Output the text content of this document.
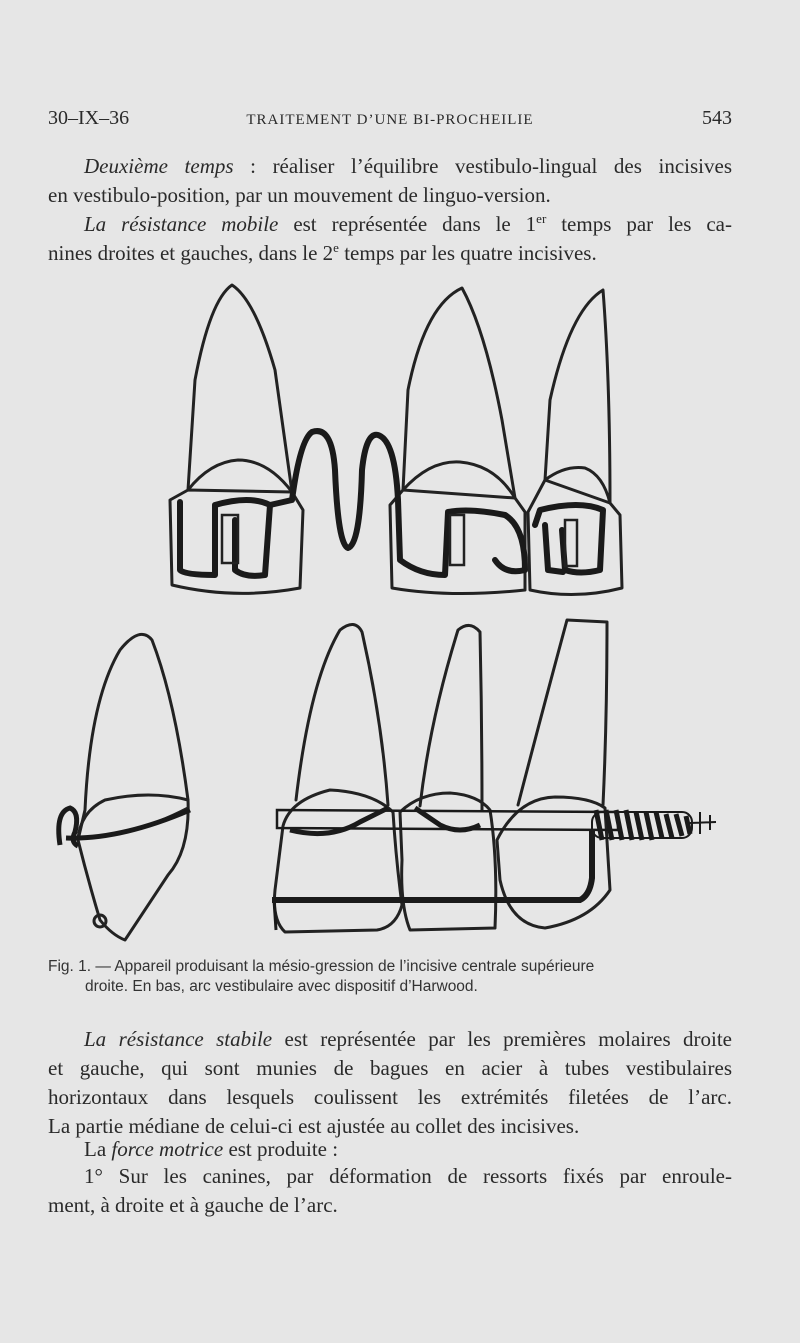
30–IX–36	TRAITEMENT D’UNE BI-PROCHEILIE	543
Deuxième temps : réaliser l’équilibre vestibulo-lingual des incisives
en vestibulo-position, par un mouvement de linguo-version.
La résistance mobile est représentée dans le 1er temps par les ca-
nines droites et gauches, dans le 2e temps par les quatre incisives.
Fig. 1. — Appareil produisant la mésio-gression de l’incisive centrale supérieure
droite. En bas, arc vestibulaire avec dispositif d’Harwood.
La résistance stabile est représentée par les premières molaires droite
et gauche, qui sont munies de bagues en acier à tubes vestibulaires
horizontaux dans lesquels coulissent les extrémités filetées de l’arc.
La partie médiane de celui-ci est ajustée au collet des incisives.
La force motrice est produite :
1° Sur les canines, par déformation de ressorts fixés par enroule-
ment, à droite et à gauche de l’arc.
